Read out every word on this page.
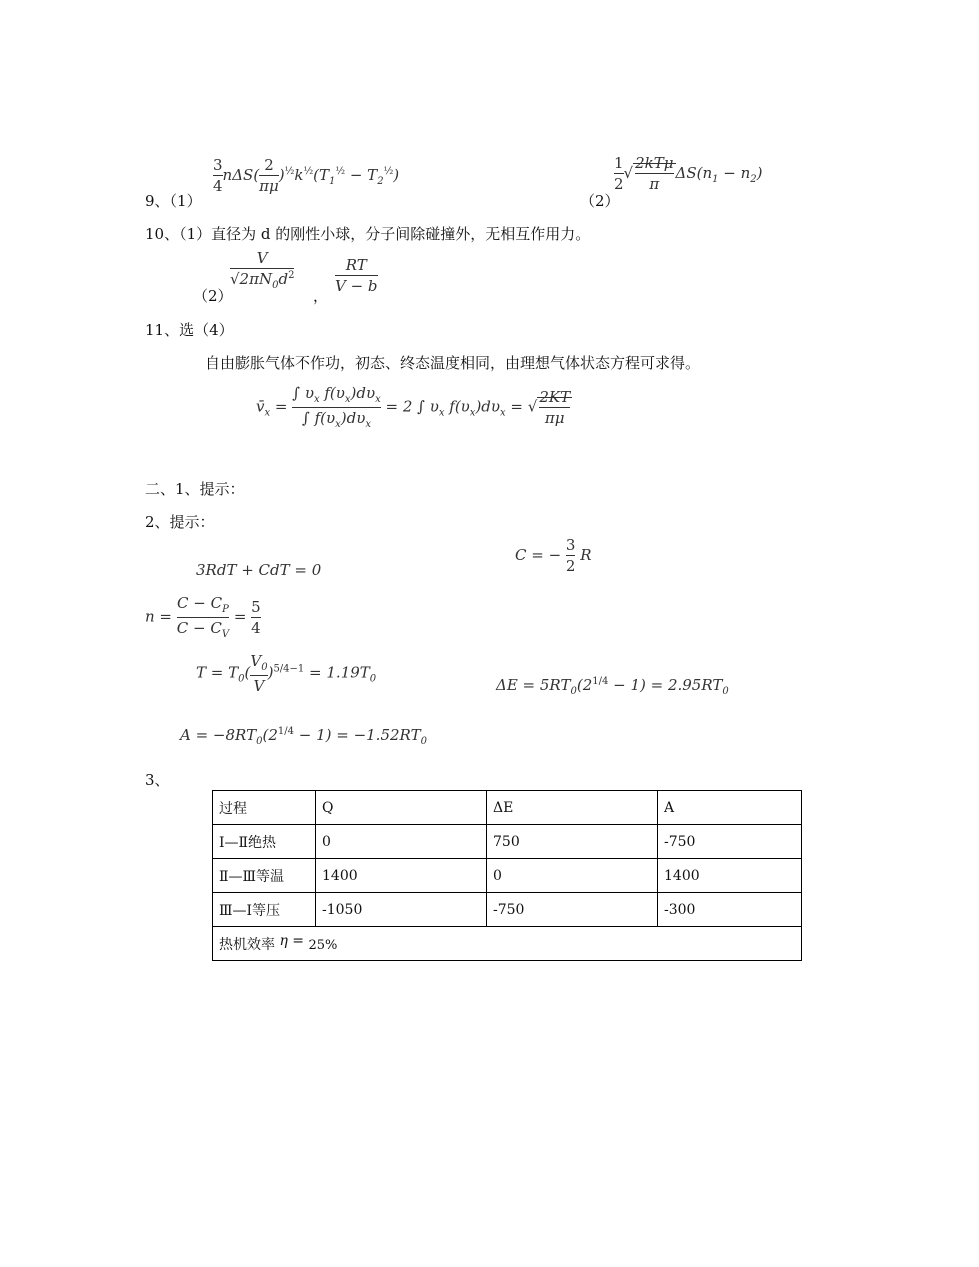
$\frac{3}{4} n\Delta S( \frac{2}{\pi\mu} )^{\frac{1}{2}}k^{\frac{1}{2}}(T_1^{\frac{1}{2}} - T_2^{\frac{1}{2}})$
9、（1）	（2）
$\frac{1}{2}$ √ $\frac{\text{2kTμ}}{\pi} \Delta S(n_1 - n_2)$
10、（1）直径为 d 的刚性小球，分子间除碰撞外，无相互作用力。
（2）
$\frac{V}{√2\pi N_0d^2}$
，
$\frac{RT}{V - b}$
11、选（4）
自由膨胀气体不作功，初态、终态温度相同，由理想气体状态方程可求得。
$v̄_x = \frac{\int \upsilon_x f(\upsilon_x)d\upsilon_x}{\int f(\upsilon_x)d\upsilon_x} = 2$ ∫ $\upsilon_x$ $f(\upsilon_x)d\upsilon_x$ = √ $\frac{2KT}{\pi\mu}$
二、1、提示：
2、提示：
C = − $\frac{3}{2}$ R
3RdT + CdT = 0
$n = \frac{C - C_P}{C - C_V} = \frac{5}{4}$
$T = T_0( \frac{V_0}{V} )^{5/4-1} = 1.19T_0$	$\Delta E = 5RT_0(2^{1/4} - 1) = 2.95RT_0$
$A = -8RT_0(2^{1/4} - 1) = -1.52RT_0$
3、
过程	Q	ΔE	A
Ⅰ—Ⅱ绝热	0	750	-750
Ⅱ—Ⅲ等温	1400	0	1400
Ⅲ—Ⅰ等压	-1050	-750	-300
热机效率 η = 25%			
